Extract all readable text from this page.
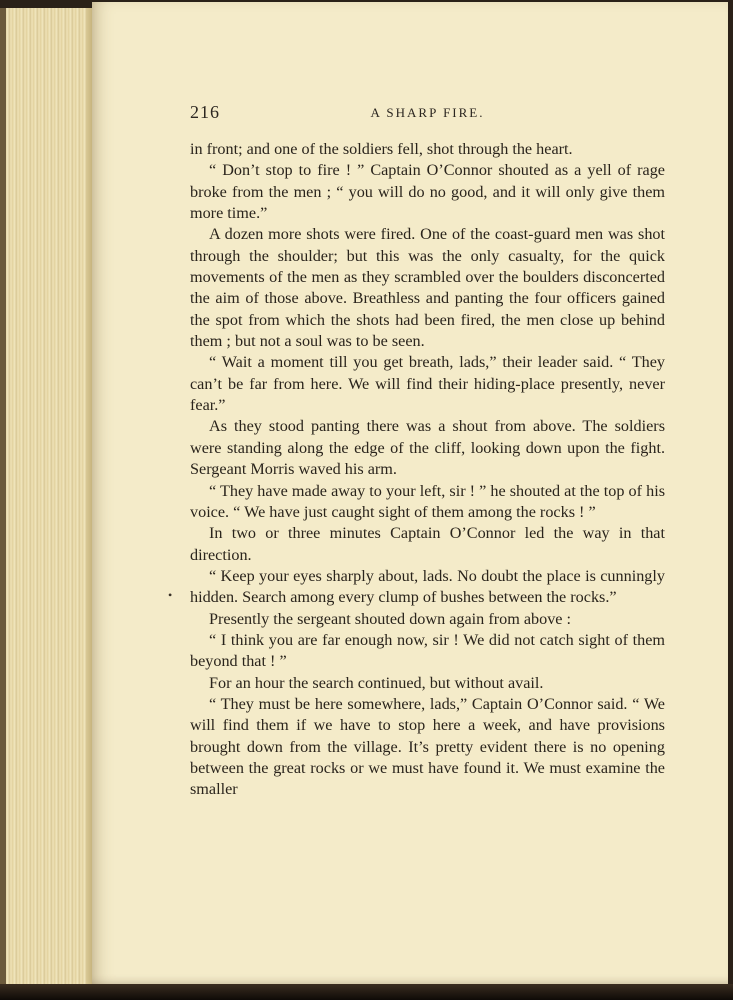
216	A SHARP FIRE.
•

in front; and one of the soldiers fell, shot through the heart.

“ Don’t stop to fire ! ” Captain O’Connor shouted as a yell of rage broke from the men ; “ you will do no good, and it will only give them more time.”

A dozen more shots were fired. One of the coast-guard men was shot through the shoulder; but this was the only casualty, for the quick movements of the men as they scrambled over the boulders disconcerted the aim of those above. Breathless and panting the four officers gained the spot from which the shots had been fired, the men close up behind them ; but not a soul was to be seen.

“ Wait a moment till you get breath, lads,” their leader said. “ They can’t be far from here. We will find their hiding-place presently, never fear.”

As they stood panting there was a shout from above. The soldiers were standing along the edge of the cliff, looking down upon the fight. Sergeant Morris waved his arm.

“ They have made away to your left, sir ! ” he shouted at the top of his voice. “ We have just caught sight of them among the rocks ! ”

In two or three minutes Captain O’Connor led the way in that direction.

“ Keep your eyes sharply about, lads. No doubt the place is cunningly hidden. Search among every clump of bushes between the rocks.”

Presently the sergeant shouted down again from above :

“ I think you are far enough now, sir ! We did not catch sight of them beyond that ! ”

For an hour the search continued, but without avail.

“ They must be here somewhere, lads,” Captain O’Connor said. “ We will find them if we have to stop here a week, and have provisions brought down from the village. It’s pretty evident there is no opening between the great rocks or we must have found it. We must examine the smaller
